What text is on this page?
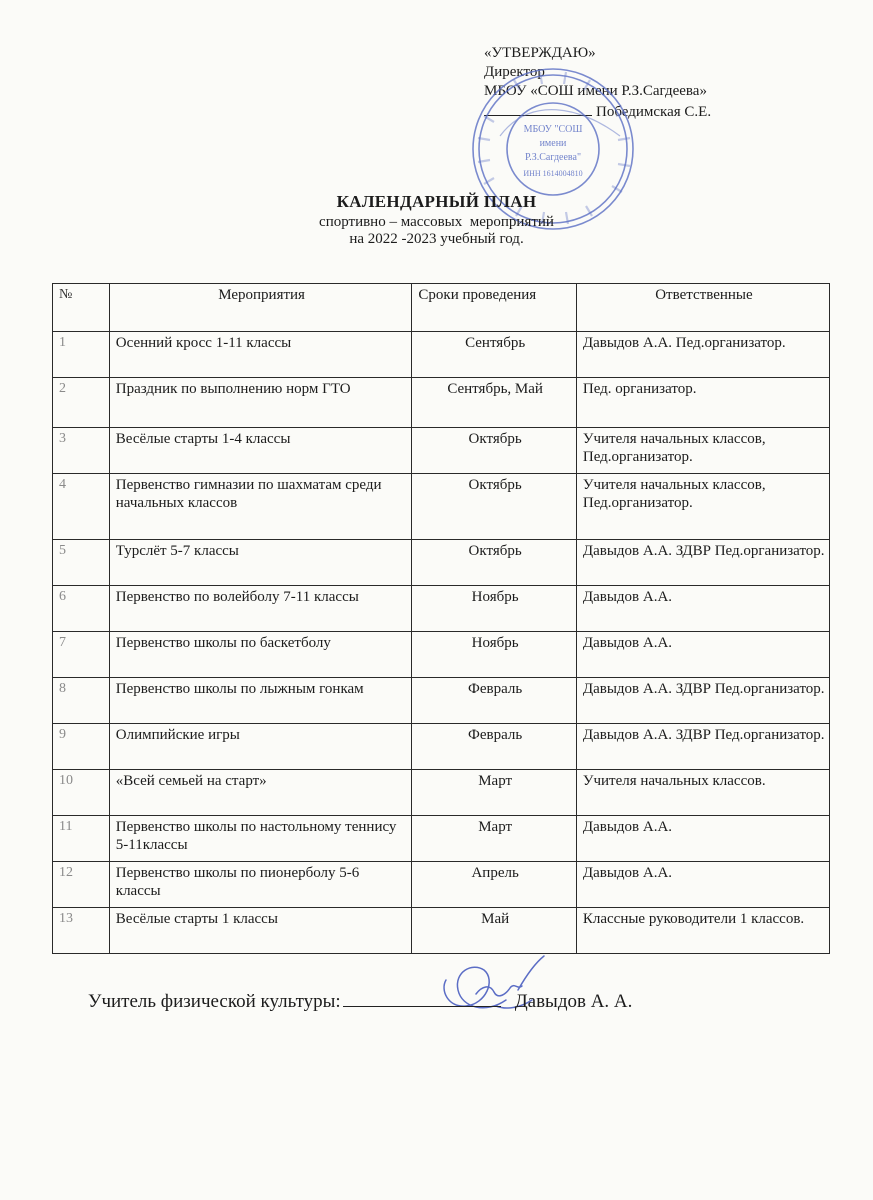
«УТВЕРЖДАЮ»
Директор
МБОУ «СОШ имени Р.З.Сагдеева»
Победимская С.Е.
МБОУ "СОШ
имени
Р.З.Сагдеева"
ИНН 1614004810
КАЛЕНДАРНЫЙ ПЛАН
спортивно – массовых  мероприятий
на 2022 -2023 учебный год.
№	Мероприятия	Сроки проведения	Ответственные
1	Осенний кросс 1-11 классы	Сентябрь	Давыдов А.А. Пед.организатор.
2	Праздник по выполнению норм ГТО	Сентябрь, Май	Пед. организатор.
3	Весёлые старты 1-4 классы	Октябрь	Учителя начальных классов, Пед.организатор.
4	Первенство гимназии по шахматам среди начальных классов	Октябрь	Учителя начальных классов, Пед.организатор.
5	Турслёт 5-7 классы	Октябрь	Давыдов А.А. ЗДВР Пед.организатор.
6	Первенство по волейболу 7-11 классы	Ноябрь	Давыдов А.А.
7	Первенство школы по баскетболу	Ноябрь	Давыдов А.А.
8	Первенство школы по лыжным гонкам	Февраль	Давыдов А.А. ЗДВР Пед.организатор.
9	Олимпийские игры	Февраль	Давыдов А.А. ЗДВР Пед.организатор.
10	«Всей семьей на старт»	Март	Учителя начальных классов.
11	Первенство школы по настольному теннису 5-11классы	Март	Давыдов А.А.
12	Первенство школы по пионерболу 5-6 классы	Апрель	Давыдов А.А.
13	Весёлые старты 1 классы	Май	Классные руководители 1 классов.
Учитель физической культуры:	Давыдов А. А.
